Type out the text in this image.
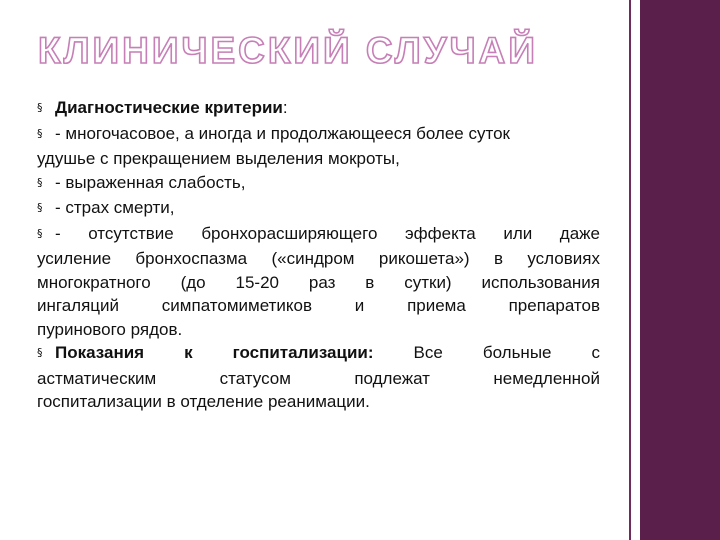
КЛИНИЧЕСКИЙ СЛУЧАЙ

§ Диагностические критерии:

§ - многочасовое, а иногда и продолжающееся более суток

удушье с прекращением выделения мокроты,

§ - выраженная слабость,

§ - страх смерти,

§ - отсутствие бронхорасширяющего эффекта или даже

усиление бронхоспазма («синдром рикошета») в условиях

многократного (до 15-20 раз в сутки) использования

ингаляций симпатомиметиков и приема препаратов

пуринового рядов.

§ Показания к госпитализации: Все больные с

астматическим статусом подлежат немедленной

госпитализации в отделение реанимации.
